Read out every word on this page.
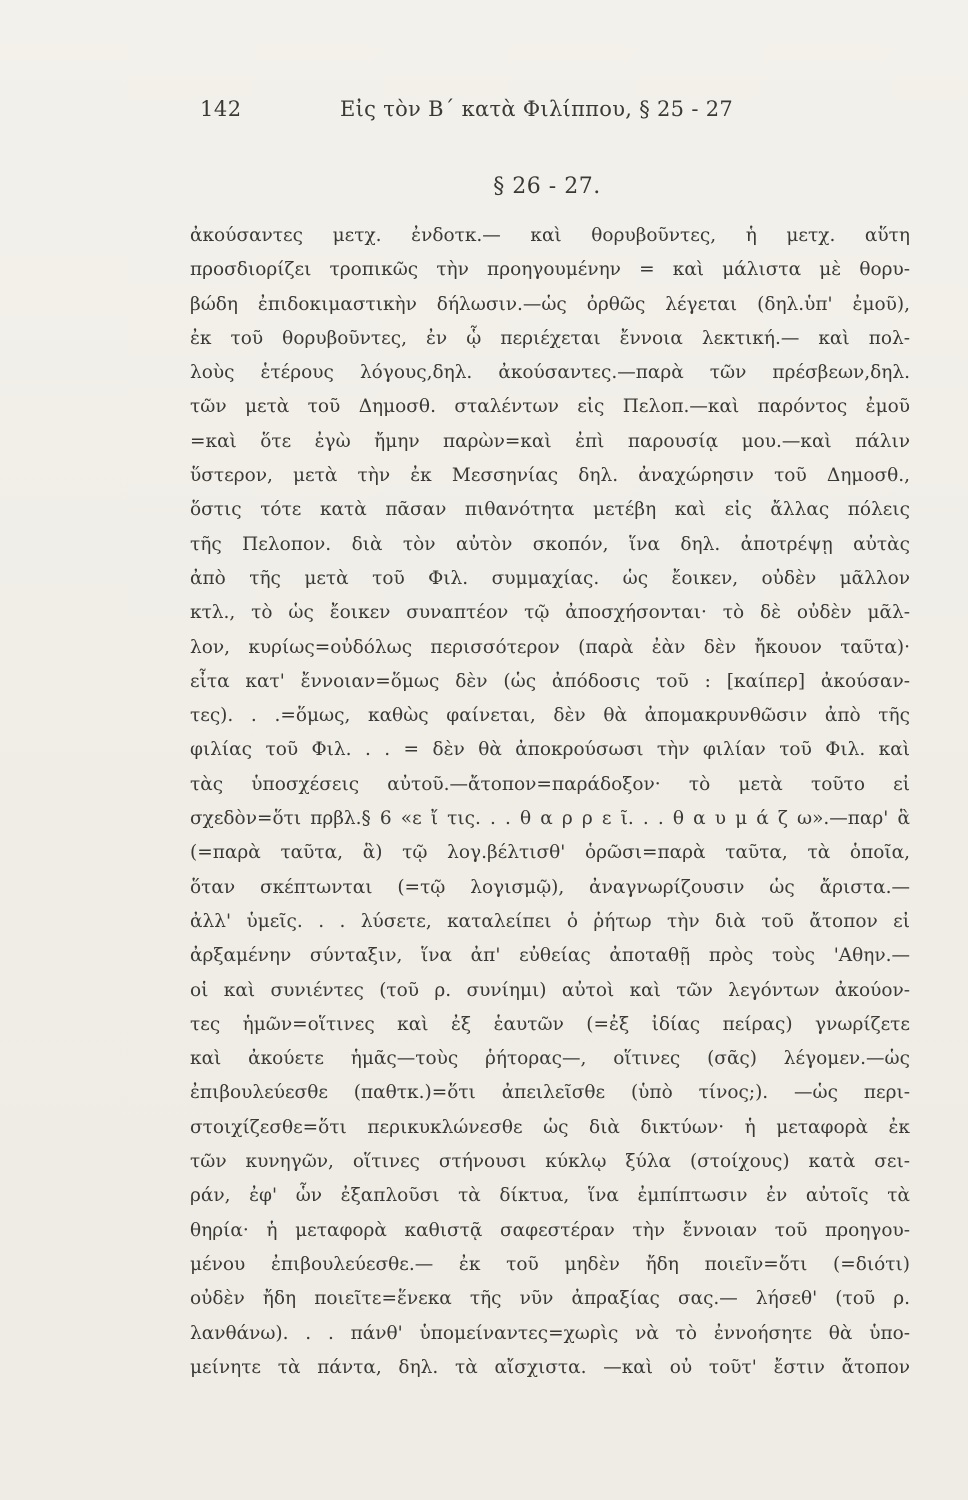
142	Εἰς τὸν Β΄ κατὰ Φιλίππου, § 25 - 27
§ 26 - 27.
ἀκούσαντες μετχ. ἐνδοτκ.— καὶ θορυβοῦντες, ἡ μετχ. αὕτη
προσδιορίζει τροπικῶς τὴν προηγουμένην = καὶ μάλιστα μὲ θορυ-
βώδη ἐπιδοκιμαστικὴν δήλωσιν.—ὡς ὀρθῶς λέγεται (δηλ.ὑπ' ἐμοῦ),
ἐκ τοῦ θορυβοῦντες, ἐν ᾧ περιέχεται ἔννοια λεκτική.— καὶ πολ-
λοὺς ἑτέρους λόγους,δηλ. ἀκούσαντες.—παρὰ τῶν πρέσβεων,δηλ.
τῶν μετὰ τοῦ Δημοσθ. σταλέντων εἰς Πελοπ.—καὶ παρόντος ἐμοῦ
=καὶ ὅτε ἐγὼ ἤμην παρὼν=καὶ ἐπὶ παρουσίᾳ μου.—καὶ πάλιν
ὕστερον, μετὰ τὴν ἐκ Μεσσηνίας δηλ. ἀναχώρησιν τοῦ Δημοσθ.,
ὅστις τότε κατὰ πᾶσαν πιθανότητα μετέβη καὶ εἰς ἄλλας πόλεις
τῆς Πελοπον. διὰ τὸν αὐτὸν σκοπόν, ἵνα δηλ. ἀποτρέψῃ αὐτὰς
ἀπὸ τῆς μετὰ τοῦ Φιλ. συμμαχίας. ὡς ἔοικεν, οὐδὲν μᾶλλον
κτλ., τὸ ὡς ἔοικεν συναπτέον τῷ ἀποσχήσονται· τὸ δὲ οὐδὲν μᾶλ-
λον, κυρίως=οὐδόλως περισσότερον (παρὰ ἐὰν δὲν ἤκουον ταῦτα)·
εἶτα κατ' ἔννοιαν=ὅμως δὲν (ὡς ἀπόδοσις τοῦ : [καίπερ] ἀκούσαν-
τες). . .=ὅμως, καθὼς φαίνεται, δὲν θὰ ἀπομακρυνθῶσιν ἀπὸ τῆς
φιλίας τοῦ Φιλ. . . = δὲν θὰ ἀποκρούσωσι τὴν φιλίαν τοῦ Φιλ. καὶ
τὰς ὑποσχέσεις αὐτοῦ.—ἄτοπον=παράδοξον· τὸ μετὰ τοῦτο εἰ
σχεδὸν=ὅτι πρβλ.§ 6 «ε ἴ τις. . . θ α ρ ρ ε ῖ. . . θ α υ μ ά ζ ω».—παρ' ἃ
(=παρὰ ταῦτα, ἃ) τῷ λογ.βέλτισθ' ὁρῶσι=παρὰ ταῦτα, τὰ ὁποῖα,
ὅταν σκέπτωνται (=τῷ λογισμῷ), ἀναγνωρίζουσιν ὡς ἄριστα.—
ἀλλ' ὑμεῖς. . . λύσετε, καταλείπει ὁ ῥήτωρ τὴν διὰ τοῦ ἄτοπον εἰ
ἀρξαμένην σύνταξιν, ἵνα ἀπ' εὐθείας ἀποταθῇ πρὸς τοὺς 'Αθην.—
οἱ καὶ συνιέντες (τοῦ ρ. συνίημι) αὐτοὶ καὶ τῶν λεγόντων ἀκούον-
τες ἡμῶν=οἵτινες καὶ ἐξ ἑαυτῶν (=ἐξ ἰδίας πείρας) γνωρίζετε
καὶ ἀκούετε ἡμᾶς—τοὺς ῥήτορας—, οἵτινες (σᾶς) λέγομεν.—ὡς
ἐπιβουλεύεσθε (παθτκ.)=ὅτι ἀπειλεῖσθε (ὑπὸ τίνος;). —ὡς περι-
στοιχίζεσθε=ὅτι περικυκλώνεσθε ὡς διὰ δικτύων· ἡ μεταφορὰ ἐκ
τῶν κυνηγῶν, οἵτινες στήνουσι κύκλῳ ξύλα (στοίχους) κατὰ σει-
ράν, ἐφ' ὧν ἐξαπλοῦσι τὰ δίκτυα, ἵνα ἐμπίπτωσιν ἐν αὐτοῖς τὰ
θηρία· ἡ μεταφορὰ καθιστᾷ σαφεστέραν τὴν ἔννοιαν τοῦ προηγου-
μένου ἐπιβουλεύεσθε.— ἐκ τοῦ μηδὲν ἤδη ποιεῖν=ὅτι (=διότι)
οὐδὲν ἤδη ποιεῖτε=ἕνεκα τῆς νῦν ἀπραξίας σας.— λήσεθ' (τοῦ ρ.
λανθάνω). . . πάνθ' ὑπομείναντες=χωρὶς νὰ τὸ ἐννοήσητε θὰ ὑπο-
μείνητε τὰ πάντα, δηλ. τὰ αἴσχιστα. —καὶ οὐ τοῦτ' ἔστιν ἄτοπον
